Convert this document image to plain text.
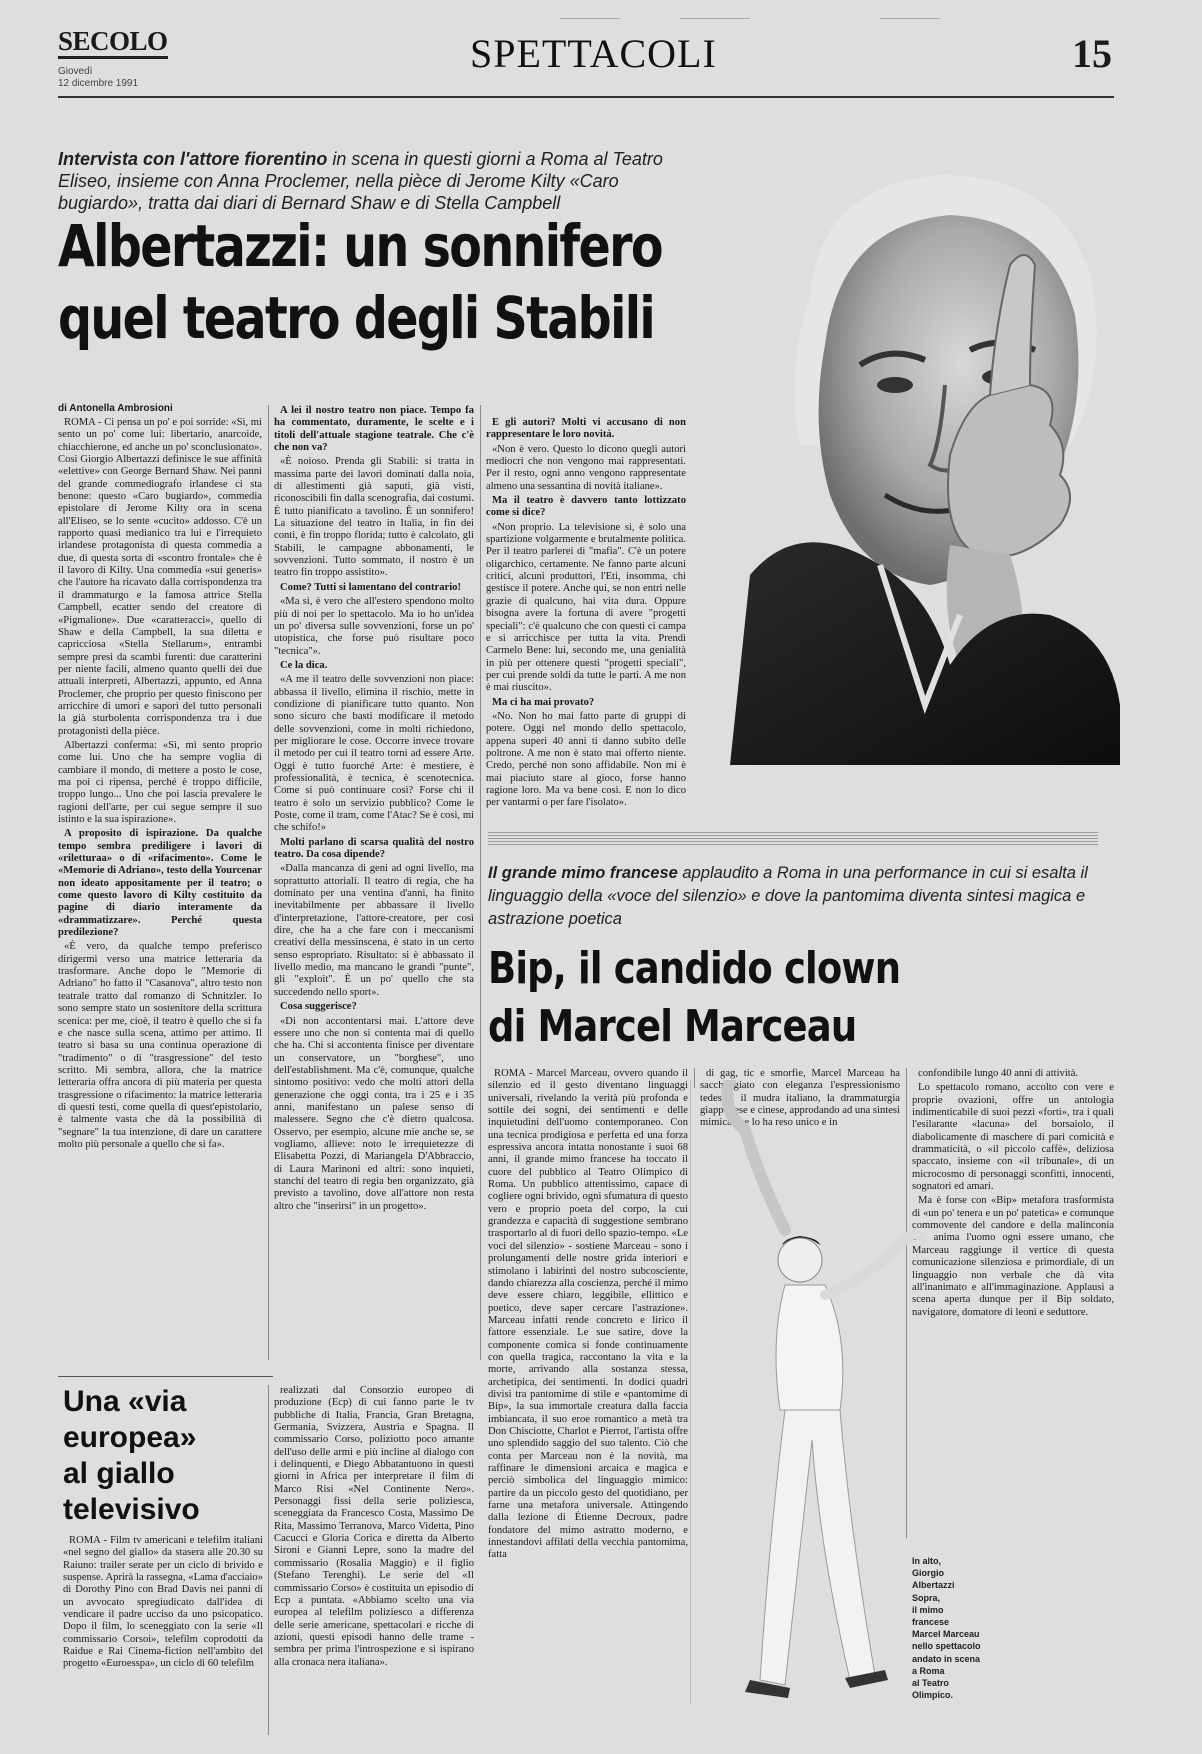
SECOLO
Giovedì
12 dicembre 1991
SPETTACOLI	15
Intervista con l'attore fiorentino in scena in questi giorni a Roma al Teatro Eliseo, insieme con Anna Proclemer, nella pièce di Jerome Kilty «Caro bugiardo», tratta dai diari di Bernard Shaw e di Stella Campbell
Albertazzi: un sonnifero
quel teatro degli Stabili
di Antonella Ambrosioni

ROMA - Ci pensa un po' e poi sorride: «Sì, mi sento un po' come lui: libertario, anarcoide, chiacchierone, ed anche un po' sconclusionato». Così Giorgio Albertazzi definisce le sue affinità «elettive» con George Bernard Shaw. Nei panni del grande commediografo irlandese ci sta benone: questo «Caro bugiardo», commedia epistolare di Jerome Kilty ora in scena all'Eliseo, se lo sente «cucito» addosso. C'è un rapporto quasi medianico tra lui e l'irrequieto irlandese protagonista di questa commedia a due, di questa sorta di «scontro frontale» che è il lavoro di Kilty. Una commedia «sui generis» che l'autore ha ricavato dalla corrispondenza tra il drammaturgo e la famosa attrice Stella Campbell, ecatter sendo del creatore di «Pigmalione». Due «caratteracci», quello di Shaw e della Campbell, la sua diletta e capricciosa «Stella Stellarum», entrambi sempre presi da scambi furenti: due caratterini per niente facili, almeno quanto quelli dei due attuali interpreti, Albertazzi, appunto, ed Anna Proclemer, che proprio per questo finiscono per arricchire di umori e sapori del tutto personali la già sturbolenta corrispondenza tra i due protagonisti della pièce.

Albertazzi conferma: «Sì, mi sento proprio come lui. Uno che ha sempre voglia di cambiare il mondo, di mettere a posto le cose, ma poi ci ripensa, perché è troppo difficile, troppo lungo... Uno che poi lascia prevalere le ragioni dell'arte, per cui segue sempre il suo istinto e la sua ispirazione».

A proposito di ispirazione. Da qualche tempo sembra prediligere i lavori di «riletturaa» o di «rifacimento». Come le «Memorie di Adriano», testo della Yourcenar non ideato appositamente per il teatro; o come questo lavoro di Kilty costituito da pagine di diario interamente da «drammatizzare». Perché questa predilezione?

«È vero, da qualche tempo preferisco dirigermi verso una matrice letteraria da trasformare. Anche dopo le "Memorie di Adriano" ho fatto il "Casanova", altro testo non teatrale tratto dal romanzo di Schnitzler. Io sono sempre stato un sostenitore della scrittura scenica: per me, cioè, il teatro è quello che si fa e che nasce sulla scena, attimo per attimo. Il teatro si basa su una continua operazione di "tradimento" o di "trasgressione" del testo scritto. Mi sembra, allora, che la matrice letteraria offra ancora di più materia per questa trasgressione o rifacimento: la matrice letteraria di questi testi, come quella di quest'epistolario, è talmente vasta che dà la possibilità di "segnare" la tua intenzione, di dare un carattere molto più personale a quello che si fa».

A lei il nostro teatro non piace. Tempo fa ha commentato, duramente, le scelte e i titoli dell'attuale stagione teatrale. Che c'è che non va?

«È noioso. Prenda gli Stabili: si tratta in massima parte dei lavori dominati dalla noia, di allestimenti già saputi, già visti, riconoscibili fin dalla scenografia, dai costumi. È tutto pianificato a tavolino. È un sonnifero! La situazione del teatro in Italia, in fin dei conti, è fin troppo florida; tutto è calcolato, gli Stabili, le campagne abbonamenti, le sovvenzioni. Tutto sommato, il nostro è un teatro fin troppo assistito».

Come? Tutti si lamentano del contrario!

«Ma sì, è vero che all'estero spendono molto più di noi per lo spettacolo. Ma io ho un'idea un po' diversa sulle sovvenzioni, forse un po' utopistica, che forse può risultare poco "tecnica"».

Ce la dica.

«A me il teatro delle sovvenzioni non piace: abbassa il livello, elimina il rischio, mette in condizione di pianificare tutto quanto. Non sono sicuro che basti modificare il metodo delle sovvenzioni, come in molti richiedono, per migliorare le cose. Occorre invece trovare il metodo per cui il teatro torni ad essere Arte. Oggi è tutto fuorché Arte: è mestiere, è professionalità, è tecnica, è scenotecnica. Come si può continuare così? Forse chi il teatro è solo un servizio pubblico? Come le Poste, come il tram, come l'Atac? Se è così, mi che schifo!»

Molti parlano di scarsa qualità del nostro teatro. Da cosa dipende?

«Dalla mancanza di geni ad ogni livello, ma soprattutto attoriali. Il teatro di regia, che ha dominato per una ventina d'anni, ha finito inevitabilmente per abbassare il livello d'interpretazione, l'attore-creatore, per così dire, che ha a che fare con i meccanismi creativi della messinscena, è stato in un certo senso espropriato. Risultato: si è abbassato il livello medio, ma mancano le grandi "punte", gli "exploit". È un po' quello che sta succedendo nello sport».

Cosa suggerisce?

«Di non accontentarsi mai. L'attore deve essere uno che non si contenta mai di quello che ha. Chi si accontenta finisce per diventare un conservatore, un "borghese", uno dell'establishment. Ma c'è, comunque, qualche sintomo positivo: vedo che molti attori della generazione che oggi conta, tra i 25 e i 35 anni, manifestano un palese senso di malessere. Segno che c'è dietro qualcosa. Osservo, per esempio, alcune mie anche se, se vogliamo, allieve: noto le irrequietezze di Elisabetta Pozzi, di Mariangela D'Abbraccio, di Laura Marinoni ed altri: sono inquieti, stanchi del teatro di regia ben organizzato, già previsto a tavolino, dove all'attore non resta altro che "inserirsi" in un progetto».

E gli autori? Molti vi accusano di non rappresentare le loro novità.

«Non è vero. Questo lo dicono quegli autori mediocri che non vengono mai rappresentati. Per il resto, ogni anno vengono rappresentate almeno una sessantina di novità italiane».

Ma il teatro è davvero tanto lottizzato come si dice?

«Non proprio. La televisione sì, è solo una spartizione volgarmente e brutalmente politica. Per il teatro parlerei di "mafia". C'è un potere oligarchico, certamente. Ne fanno parte alcuni critici, alcuni produttori, l'Eti, insomma, chi gestisce il potere. Anche qui, se non entri nelle grazie di qualcuno, hai vita dura. Oppure bisogna avere la fortuna di avere "progetti speciali": c'è qualcuno che con questi ci campa e si arricchisce per tutta la vita. Prendi Carmelo Bene: lui, secondo me, una genialità in più per ottenere questi "progetti speciali", per cui prende soldi da tutte le parti. A me non è mai riuscito».

Ma ci ha mai provato?

«No. Non ho mai fatto parte di gruppi di potere. Oggi nel mondo dello spettacolo, appena superi 40 anni ti danno subito delle poltrone. A me non è stato mai offerto niente. Credo, perché non sono affidabile. Non mi è mai piaciuto stare al gioco, forse hanno ragione loro. Ma va bene così. E non lo dico per vantarmi o per fare l'isolato».

Il grande mimo francese applaudito a Roma in una performance in cui si esalta il linguaggio della «voce del silenzio» e dove la pantomima diventa sintesi magica e astrazione poetica
Bip, il candido clown
di Marcel Marceau

ROMA - Marcel Marceau, ovvero quando il silenzio ed il gesto diventano linguaggi universali, rivelando la verità più profonda e sottile dei sogni, dei sentimenti e delle inquietudini dell'uomo contemporaneo. Con una tecnica prodigiosa e perfetta ed una forza espressiva ancora intatta nonostante i suoi 68 anni, il grande mimo francese ha toccato il cuore del pubblico al Teatro Olimpico di Roma. Un pubblico attentissimo, capace di cogliere ogni brivido, ogni sfumatura di questo vero e proprio poeta del corpo, la cui grandezza e capacità di suggestione sembrano trasportarlo al di fuori dello spazio-tempo. «Le voci del silenzio» - sostiene Marceau - sono i prolungamenti delle nostre grida interiori e stimolano i labirinti del nostro subcosciente, dando chiarezza alla coscienza, perché il mimo deve essere chiaro, leggibile, ellittico e poetico, deve saper cercare l'astrazione». Marceau infatti rende concreto e lirico il fattore essenziale. Le sue satire, dove la componente comica si fonde continuamente con quella tragica, raccontano la vita e la morte, arrivando alla sostanza stessa, archetipica, dei sentimenti. In dodici quadri divisi tra pantomime di stile e «pantomime di Bip», la sua immortale creatura dalla faccia imbiancata, il suo eroe romantico a metà tra Don Chisciotte, Charlot e Pierrot, l'artista offre uno splendido saggio del suo talento. Ciò che conta per Marceau non è la novità, ma raffinare le dimensioni arcaica e magica e perciò simbolica del linguaggio mimico: partire da un piccolo gesto del quotidiano, per farne una metafora universale. Attingendo dalla lezione di Étienne Decroux, padre fondatore del mimo astratto moderno, e innestandovi affilati della vecchia pantomima, fatta

di gag, tic e smorfie, Marcel Marceau ha saccheggiato con eleganza l'espressionismo tedesco, il mudra italiano, la drammaturgia giapponese e cinese, approdando ad una sintesi mimica che lo ha reso unico e in

confondibile lungo 40 anni di attività.

Lo spettacolo romano, accolto con vere e proprie ovazioni, offre un antologia indimenticabile di suoi pezzi «forti», tra i quali l'esilarante «lacuna» del borsaiolo, il diabolicamente di maschere di pari comicità e drammaticità, o «il piccolo caffè», deliziosa spaccato, insieme con «il tribunale», di un microcosmo di personaggi sconfitti, innocenti, sognatori ed amari.

Ma è forse con «Bip» metafora trasformista di «un po' tenera e un po' patetica» e comunque commovente del candore e della malinconia che anima l'uomo ogni essere umano, che Marceau raggiunge il vertice di questa comunicazione silenziosa e primordiale, di un linguaggio non verbale che dà vita all'inanimato e all'immaginazione. Applausi a scena aperta dunque per il Bip soldato, navigatore, domatore di leoni e seduttore.

In alto,
Giorgio
Albertazzi
Sopra,
il mimo
francese
Marcel Marceau
nello spettacolo
andato in scena
a Roma
al Teatro
Olimpico.
Una «via
europea»
al giallo
televisivo

ROMA - Film tv americani e telefilm italiani «nel segno del giallo» da stasera alle 20.30 su Raiuno: trailer serate per un ciclo di brivido e suspense. Aprirà la rassegna, «Lama d'acciaio» di Dorothy Pino con Brad Davis nei panni di un avvocato spregiudicato dall'idea di vendicare il padre ucciso da uno psicopatico. Dopo il film, lo sceneggiato con la serie «Il commissario Corsoi», telefilm coprodotti da Raidue e Rai Cinema-fiction nell'ambito del progetto «Euroesspa», un ciclo di 60 telefilm

realizzati dal Consorzio europeo di produzione (Ecp) di cui fanno parte le tv pubbliche di Italia, Francia, Gran Bretagna, Germania, Svizzera, Austria e Spagna. Il commissario Corso, poliziotto poco amante dell'uso delle armi e più incline al dialogo con i delinquenti, e Diego Abbatantuono in questi giorni in Africa per interpretare il film di Marco Risi «Nel Continente Nero». Personaggi fissi della serie poliziesca, sceneggiata da Francesco Costa, Massimo De Rita, Massimo Terranova, Marco Videtta, Pino Cacucci e Gloria Corica e diretta da Alberto Sironi e Gianni Lepre, sono la madre del commissario (Rosalia Maggio) e il figlio (Stefano Terenghi). Le serie del «Il commissario Corso» è costituita un episodio di Ecp a puntata. «Abbiamo scelto una via europea al telefilm poliziesco a differenza delle serie americane, spettacolari e ricche di azioni, questi episodi hanno delle trame - sembra per prima l'introspezione e si ispirano alla cronaca nera italiana».
